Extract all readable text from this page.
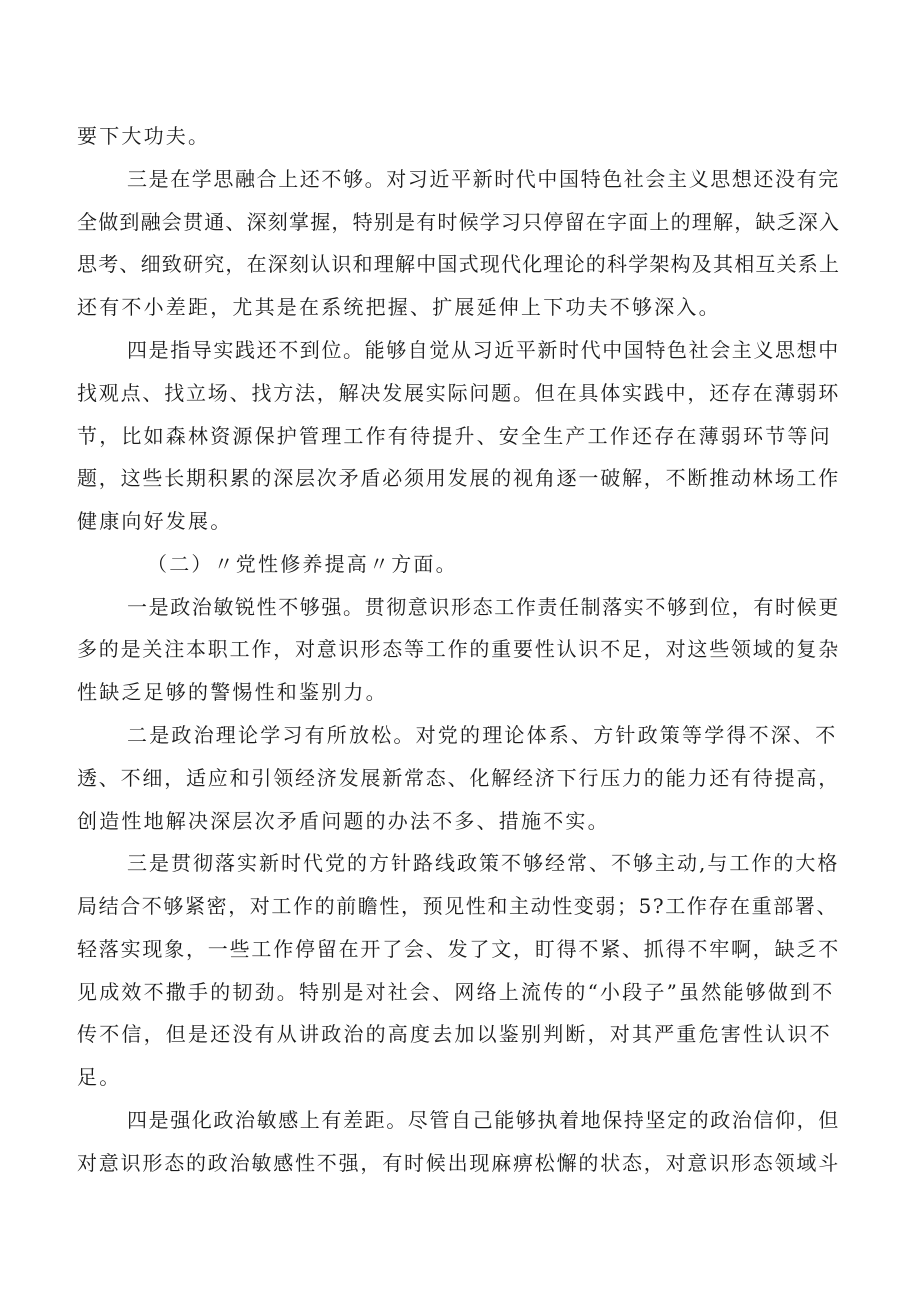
要下大功夫。
三是在学思融合上还不够。对习近平新时代中国特色社会主义思想还没有完
全做到融会贯通、深刻掌握，特别是有时候学习只停留在字面上的理解，缺乏深入
思考、细致研究，在深刻认识和理解中国式现代化理论的科学架构及其相互关系上
还有不小差距，尤其是在系统把握、扩展延伸上下功夫不够深入。
四是指导实践还不到位。能够自觉从习近平新时代中国特色社会主义思想中
找观点、找立场、找方法，解决发展实际问题。但在具体实践中，还存在薄弱环
节，比如森林资源保护管理工作有待提升、安全生产工作还存在薄弱环节等问
题，这些长期积累的深层次矛盾必须用发展的视角逐一破解，不断推动林场工作
健康向好发展。
（二）〃党性修养提高〃方面。
一是政治敏锐性不够强。贯彻意识形态工作责任制落实不够到位，有时候更
多的是关注本职工作，对意识形态等工作的重要性认识不足，对这些领域的复杂
性缺乏足够的警惕性和鉴别力。
二是政治理论学习有所放松。对党的理论体系、方针政策等学得不深、不
透、不细，适应和引领经济发展新常态、化解经济下行压力的能力还有待提高，
创造性地解决深层次矛盾问题的办法不多、措施不实。
三是贯彻落实新时代党的方针路线政策不够经常、不够主动,与工作的大格
局结合不够紧密，对工作的前瞻性，预见性和主动性变弱；5?工作存在重部署、
轻落实现象，一些工作停留在开了会、发了文，盯得不紧、抓得不牢啊，缺乏不
见成效不撒手的韧劲。特别是对社会、网络上流传的“小段子”虽然能够做到不
传不信，但是还没有从讲政治的高度去加以鉴别判断，对其严重危害性认识不
足。
四是强化政治敏感上有差距。尽管自己能够执着地保持坚定的政治信仰，但
对意识形态的政治敏感性不强，有时候出现麻痹松懈的状态，对意识形态领域斗
